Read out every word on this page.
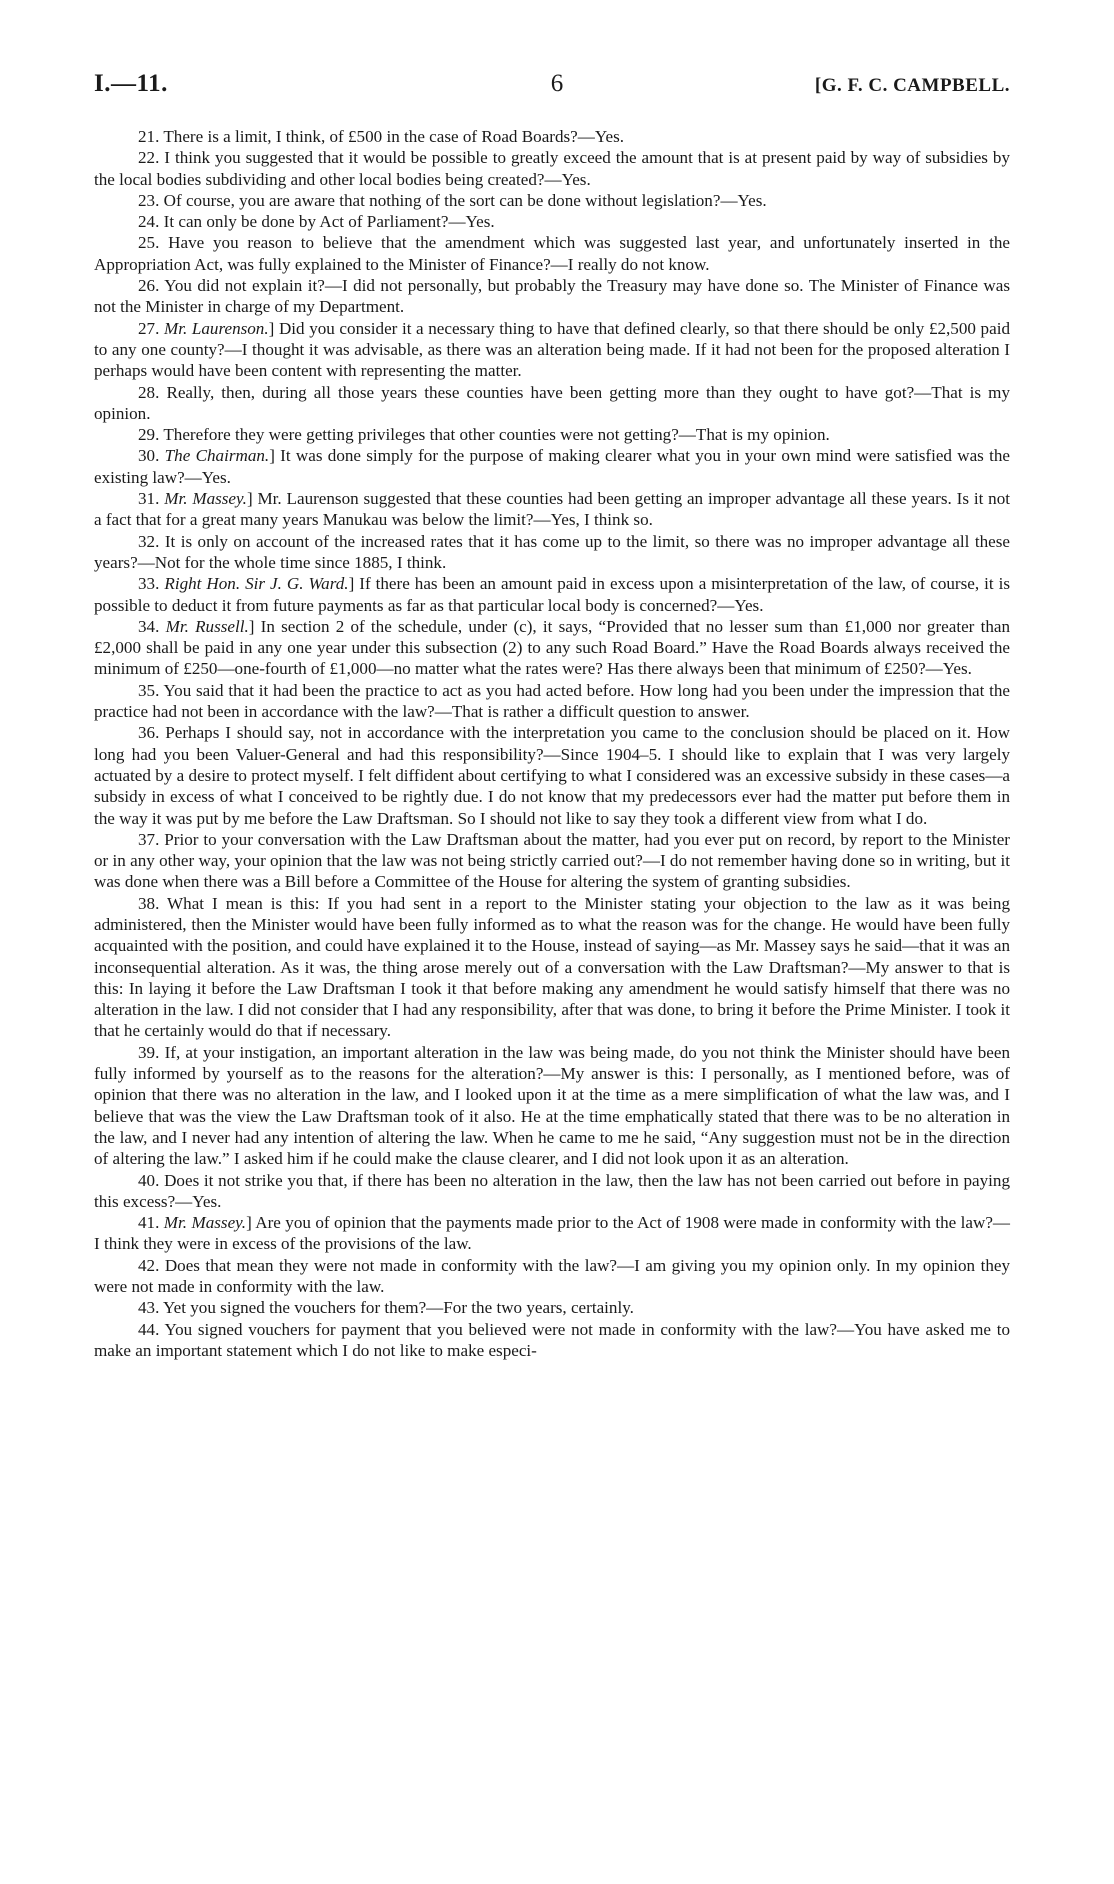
I.—11.	[G. F. C. CAMPBELL.
6

21. There is a limit, I think, of £500 in the case of Road Boards?—Yes.

22. I think you suggested that it would be possible to greatly exceed the amount that is at present paid by way of subsidies by the local bodies subdividing and other local bodies being created?—Yes.

23. Of course, you are aware that nothing of the sort can be done without legislation?—Yes.

24. It can only be done by Act of Parliament?—Yes.

25. Have you reason to believe that the amendment which was suggested last year, and unfortunately inserted in the Appropriation Act, was fully explained to the Minister of Finance?—I really do not know.

26. You did not explain it?—I did not personally, but probably the Treasury may have done so. The Minister of Finance was not the Minister in charge of my Department.

27. Mr. Laurenson.] Did you consider it a necessary thing to have that defined clearly, so that there should be only £2,500 paid to any one county?—I thought it was advisable, as there was an alteration being made. If it had not been for the proposed alteration I perhaps would have been content with representing the matter.

28. Really, then, during all those years these counties have been getting more than they ought to have got?—That is my opinion.

29. Therefore they were getting privileges that other counties were not getting?—That is my opinion.

30. The Chairman.] It was done simply for the purpose of making clearer what you in your own mind were satisfied was the existing law?—Yes.

31. Mr. Massey.] Mr. Laurenson suggested that these counties had been getting an improper advantage all these years. Is it not a fact that for a great many years Manukau was below the limit?—Yes, I think so.

32. It is only on account of the increased rates that it has come up to the limit, so there was no improper advantage all these years?—Not for the whole time since 1885, I think.

33. Right Hon. Sir J. G. Ward.] If there has been an amount paid in excess upon a misinterpretation of the law, of course, it is possible to deduct it from future payments as far as that particular local body is concerned?—Yes.

34. Mr. Russell.] In section 2 of the schedule, under (c), it says, “Provided that no lesser sum than £1,000 nor greater than £2,000 shall be paid in any one year under this subsection (2) to any such Road Board.” Have the Road Boards always received the minimum of £250—one-fourth of £1,000—no matter what the rates were? Has there always been that minimum of £250?—Yes.

35. You said that it had been the practice to act as you had acted before. How long had you been under the impression that the practice had not been in accordance with the law?—That is rather a difficult question to answer.

36. Perhaps I should say, not in accordance with the interpretation you came to the conclusion should be placed on it. How long had you been Valuer-General and had this responsibility?—Since 1904–5. I should like to explain that I was very largely actuated by a desire to protect myself. I felt diffident about certifying to what I considered was an excessive subsidy in these cases—a subsidy in excess of what I conceived to be rightly due. I do not know that my predecessors ever had the matter put before them in the way it was put by me before the Law Draftsman. So I should not like to say they took a different view from what I do.

37. Prior to your conversation with the Law Draftsman about the matter, had you ever put on record, by report to the Minister or in any other way, your opinion that the law was not being strictly carried out?—I do not remember having done so in writing, but it was done when there was a Bill before a Committee of the House for altering the system of granting subsidies.

38. What I mean is this: If you had sent in a report to the Minister stating your objection to the law as it was being administered, then the Minister would have been fully informed as to what the reason was for the change. He would have been fully acquainted with the position, and could have explained it to the House, instead of saying—as Mr. Massey says he said—that it was an inconsequential alteration. As it was, the thing arose merely out of a conversation with the Law Draftsman?—My answer to that is this: In laying it before the Law Draftsman I took it that before making any amendment he would satisfy himself that there was no alteration in the law. I did not consider that I had any responsibility, after that was done, to bring it before the Prime Minister. I took it that he certainly would do that if necessary.

39. If, at your instigation, an important alteration in the law was being made, do you not think the Minister should have been fully informed by yourself as to the reasons for the alteration?—My answer is this: I personally, as I mentioned before, was of opinion that there was no alteration in the law, and I looked upon it at the time as a mere simplification of what the law was, and I believe that was the view the Law Draftsman took of it also. He at the time emphatically stated that there was to be no alteration in the law, and I never had any intention of altering the law. When he came to me he said, “Any suggestion must not be in the direction of altering the law.” I asked him if he could make the clause clearer, and I did not look upon it as an alteration.

40. Does it not strike you that, if there has been no alteration in the law, then the law has not been carried out before in paying this excess?—Yes.

41. Mr. Massey.] Are you of opinion that the payments made prior to the Act of 1908 were made in conformity with the law?—I think they were in excess of the provisions of the law.

42. Does that mean they were not made in conformity with the law?—I am giving you my opinion only. In my opinion they were not made in conformity with the law.

43. Yet you signed the vouchers for them?—For the two years, certainly.

44. You signed vouchers for payment that you believed were not made in conformity with the law?—You have asked me to make an important statement which I do not like to make especi-
